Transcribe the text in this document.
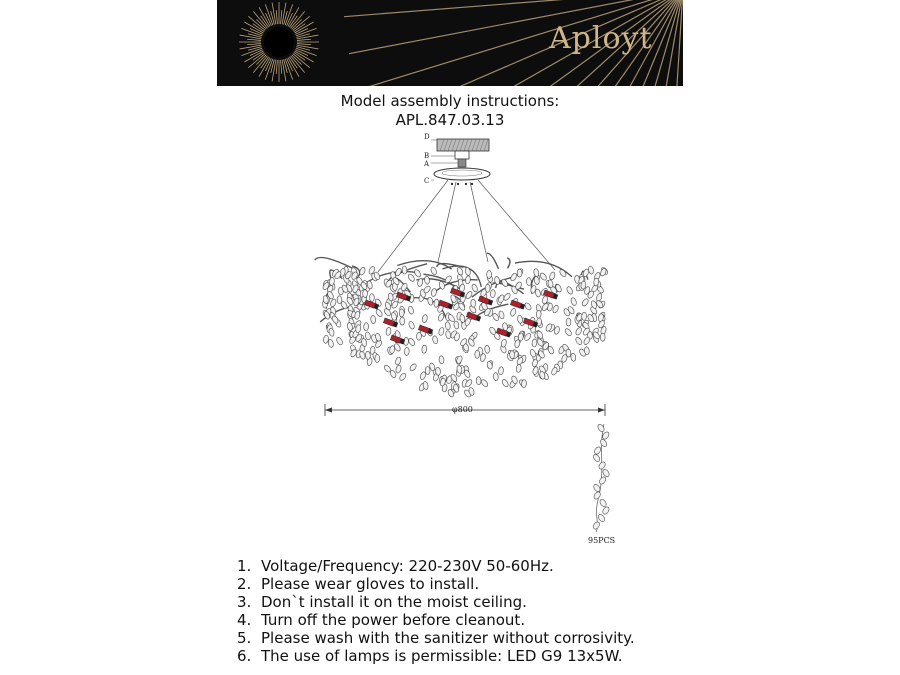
Aployt
Model assembly instructions:
APL.847.03.13
D
B
A
C
φ800
95PCS
1. Voltage/Frequency: 220-230V 50-60Hz.
2. Please wear gloves to install.
3. Don`t install it on the moist ceiling.
4. Turn off the power before cleanout.
5. Please wash with the sanitizer without corrosivity.
6. The use of lamps is permissible: LED G9 13x5W.
